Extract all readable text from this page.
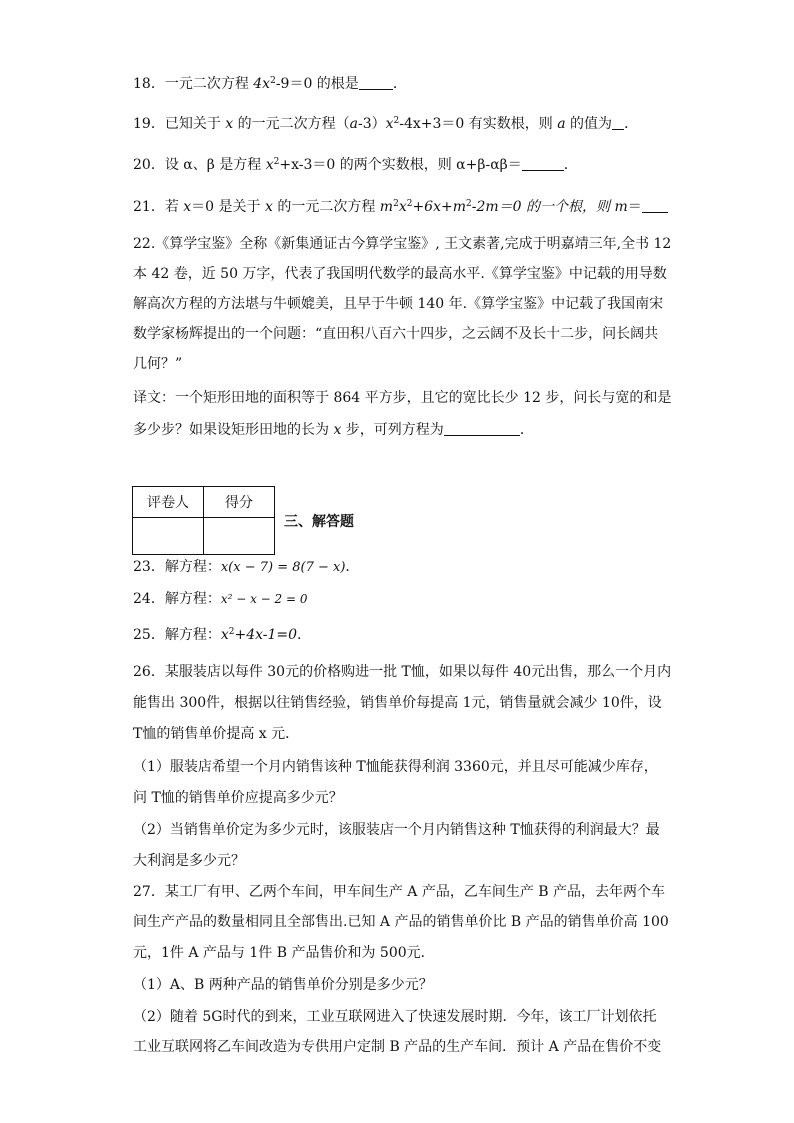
18．一元二次方程 $4x^2-9=0$ 的根是 ．
19．已知关于 x 的一元二次方程$(a-3)x^2-4x+3=0$ 有实数根，则 a 的值为 ．
20．设 α、β 是方程 $x^2+x-3=0$ 的两个实数根，则 α+β-αβ＝	．
21．若 x＝0 是关于 x 的一元二次方程 $m^2x^2+6x+m^2-2m=0$ 的一个根，则 m＝
22.《算学宝鉴》全称《新集通证古今算学宝鉴》, 王文素著,完成于明嘉靖三年,全书 12
本 42 卷，近 50 万字，代表了我国明代数学的最高水平.《算学宝鉴》中记载的用导数
解高次方程的方法堪与牛顿媲美，且早于牛顿 140 年.《算学宝鉴》中记载了我国南宋
数学家杨辉提出的一个问题：“直田积八百六十四步，之云阔不及长十二步，问长阔共
几何？”
译文：一个矩形田地的面积等于 864 平方步，且它的宽比长少 12 步，问长与宽的和是
多少步？如果设矩形田地的长为 x 步，可列方程为	．
评卷人	得分

三、解答题
23．解方程：x(x − 7) = 8(7 − x)．
24．解方程：x² − x − 2 = 0
25．解方程：$x^2+4x-1=0$.
26．某服装店以每件 30元的价格购进一批 T恤，如果以每件 40元出售，那么一个月内
能售出 300件，根据以往销售经验，销售单价每提高 1元，销售量就会减少 10件，设
T恤的销售单价提高 x 元．
（1）服装店希望一个月内销售该种 T恤能获得利润 3360元，并且尽可能减少库存，
问 T恤的销售单价应提高多少元？
（2）当销售单价定为多少元时，该服装店一个月内销售这种 T恤获得的利润最大？最
大利润是多少元？
27．某工厂有甲、乙两个车间，甲车间生产 A 产品，乙车间生产 B 产品，去年两个车
间生产产品的数量相同且全部售出.已知 A 产品的销售单价比 B 产品的销售单价高 100
元，1件 A 产品与 1件 B 产品售价和为 500元．
（1）A、B 两种产品的销售单价分别是多少元？
（2）随着 5G时代的到来，工业互联网进入了快速发展时期．今年，该工厂计划依托
工业互联网将乙车间改造为专供用户定制 B 产品的生产车间．预计 A 产品在售价不变
